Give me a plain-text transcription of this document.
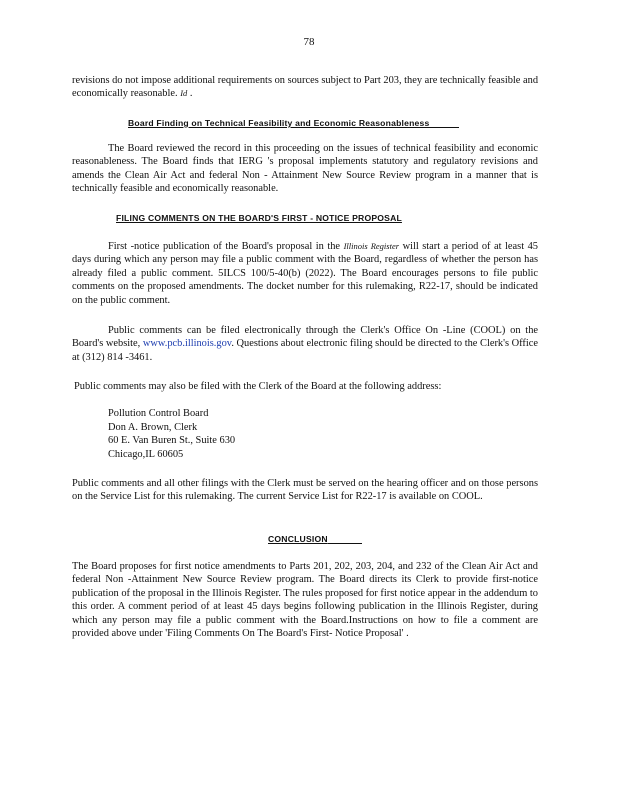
78

revisions do not impose additional requirements on sources subject to Part 203, they are technically feasible and economically reasonable. Id .

Board Finding on Technical Feasibility and Economic Reasonableness

The Board reviewed the record in this proceeding on the issues of technical feasibility and economic reasonableness. The Board finds that IERG 's proposal implements statutory and regulatory revisions and amends the Clean Air Act and federal Non - Attainment New Source Review program in a manner that is technically feasible and economically reasonable.

FILING COMMENTS ON THE BOARD'S FIRST - NOTICE PROPOSAL

First -notice publication of the Board's proposal in the Illinois Register will start a period of at least 45 days during which any person may file a public comment with the Board, regardless of whether the person has already filed a public comment. 5ILCS 100/5-40(b) (2022). The Board encourages persons to file public comments on the proposed amendments. The docket number for this rulemaking, R22-17, should be indicated on the public comment.

Public comments can be filed electronically through the Clerk's Office On -Line (COOL) on the Board's website, www.pcb.illinois.gov. Questions about electronic filing should be directed to the Clerk's Office at (312) 814 -3461.

Public comments may also be filed with the Clerk of the Board at the following address:

Pollution Control Board
Don A. Brown, Clerk
60 E. Van Buren St., Suite 630
Chicago,IL 60605

Public comments and all other filings with the Clerk must be served on the hearing officer and on those persons on the Service List for this rulemaking. The current Service List for R22-17 is available on COOL.

CONCLUSION

The Board proposes for first notice amendments to Parts 201, 202, 203, 204, and 232 of the Clean Air Act and federal Non -Attainment New Source Review program. The Board directs its Clerk to provide first-notice publication of the proposal in the Illinois Register. The rules proposed for first notice appear in the addendum to this order. A comment period of at least 45 days begins following publication in the Illinois Register, during which any person may file a public comment with the Board.Instructions on how to file a comment are provided above under 'Filing Comments On The Board's First- Notice Proposal' .
